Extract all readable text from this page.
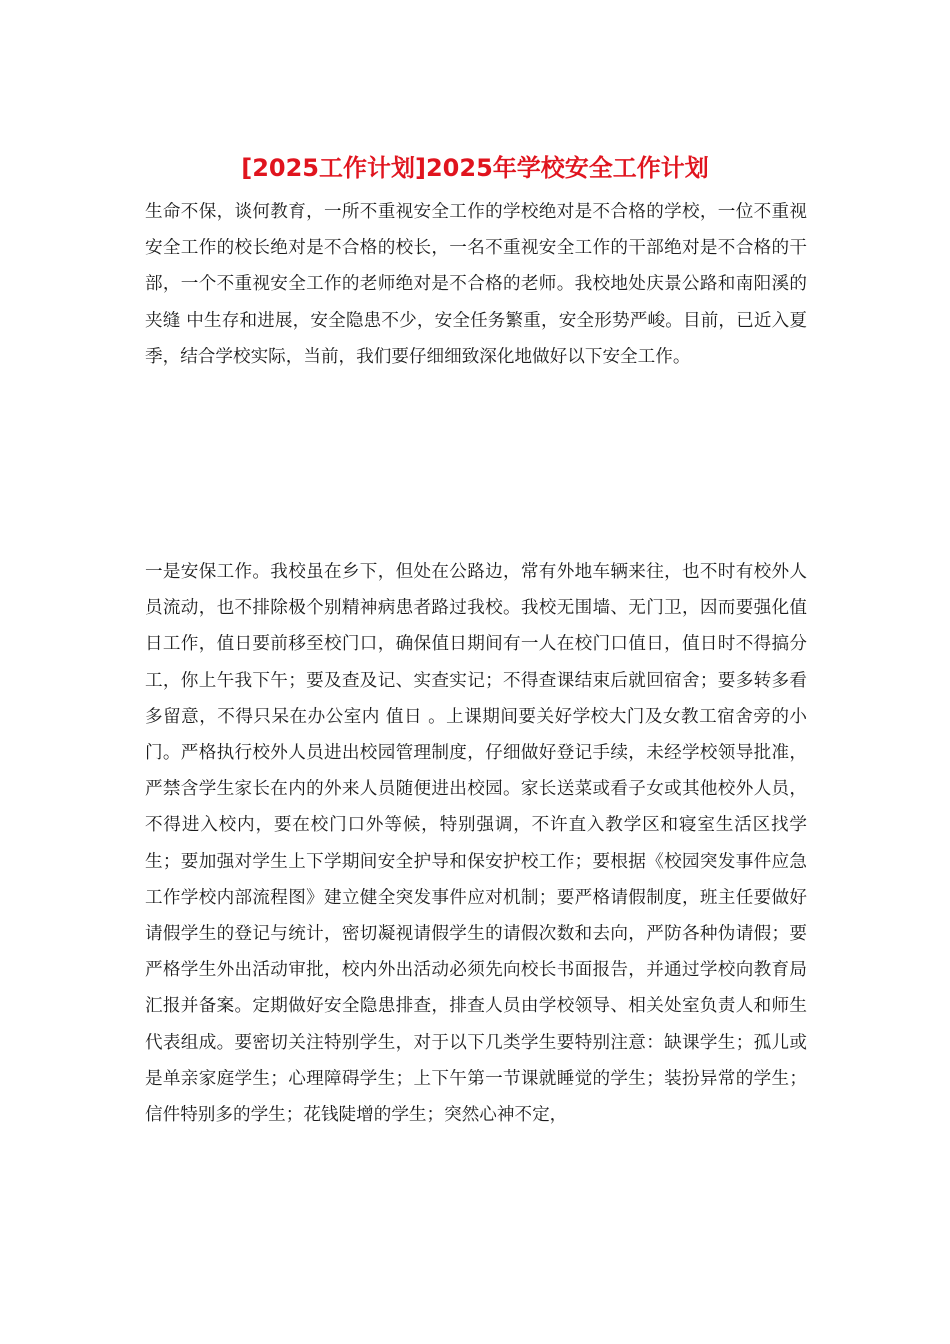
[2025工作计划]2025年学校安全工作计划

生命不保，谈何教育，一所不重视安全工作的学校绝对是不合格的学校，一位不重视安全工作的校长绝对是不合格的校长，一名不重视安全工作的干部绝对是不合格的干部，一个不重视安全工作的老师绝对是不合格的老师。我校地处庆景公路和南阳溪的 夹缝 中生存和进展，安全隐患不少，安全任务繁重，安全形势严峻。目前，已近入夏季，结合学校实际，当前，我们要仔细细致深化地做好以下安全工作。

一是安保工作。我校虽在乡下，但处在公路边，常有外地车辆来往，也不时有校外人员流动，也不排除极个别精神病患者路过我校。我校无围墙、无门卫，因而要强化值日工作，值日要前移至校门口，确保值日期间有一人在校门口值日，值日时不得搞分工，你上午我下午；要及查及记、实查实记；不得查课结束后就回宿舍；要多转多看多留意，不得只呆在办公室内 值日 。上课期间要关好学校大门及女教工宿舍旁的小门。严格执行校外人员进出校园管理制度，仔细做好登记手续，未经学校领导批准，严禁含学生家长在内的外来人员随便进出校园。家长送菜或看子女或其他校外人员，不得进入校内，要在校门口外等候，特别强调，不许直入教学区和寝室生活区找学生；要加强对学生上下学期间安全护导和保安护校工作；要根据《校园突发事件应急工作学校内部流程图》建立健全突发事件应对机制；要严格请假制度，班主任要做好请假学生的登记与统计，密切凝视请假学生的请假次数和去向，严防各种伪请假；要严格学生外出活动审批，校内外出活动必须先向校长书面报告，并通过学校向教育局汇报并备案。定期做好安全隐患排查，排查人员由学校领导、相关处室负责人和师生代表组成。要密切关注特别学生，对于以下几类学生要特别注意：缺课学生；孤儿或是单亲家庭学生；心理障碍学生；上下午第一节课就睡觉的学生；装扮异常的学生；信件特别多的学生；花钱陡增的学生；突然心神不定，
